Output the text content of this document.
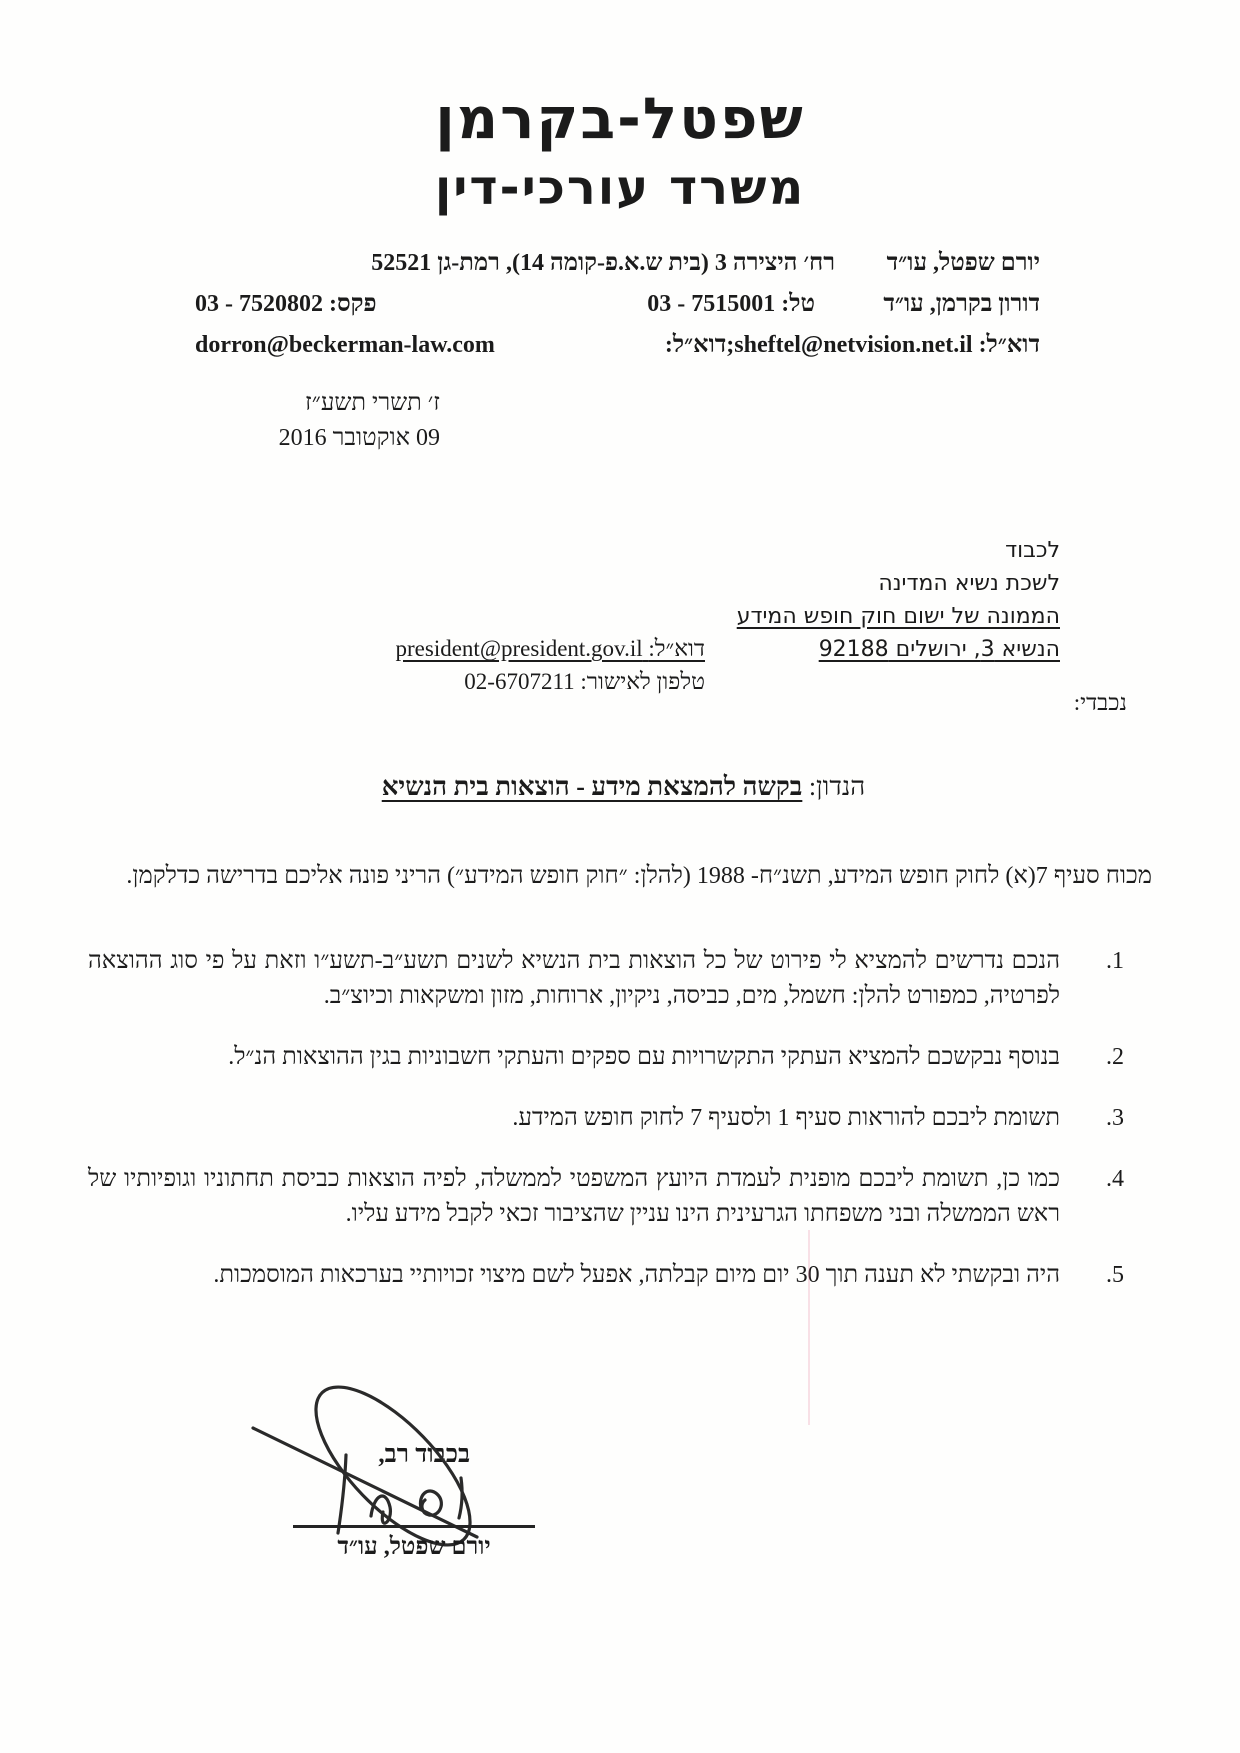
שפטל-בקרמן
משרד עורכי-דין
יורם שפטל, עו״ד
רח׳ היצירה 3 (בית ש.א.פ-קומה 14), רמת-גן 52521
דורון בקרמן, עו״ד
טל: 03 - 7515001
פקס: 03 - 7520802
דוא״ל: sheftel@netvision.net.il;דוא״ל:
dorron@beckerman-law.com
ז׳ תשרי תשע״ז
09 אוקטובר 2016
לכבוד
לשכת נשיא המדינה
הממונה של ישום חוק חופש המידע
הנשיא 3, ירושלים 92188
דוא״ל: president@president.gov.il
טלפון לאישור: 02-6707211
נכבדי:
הנדון: בקשה להמצאת מידע - הוצאות בית הנשיא

מכוח סעיף 7(א) לחוק חופש המידע, תשנ״ח- 1988 (להלן: ״חוק חופש המידע״) הריני פונה אליכם בדרישה כדלקמן.

1.
הנכם נדרשים להמציא לי פירוט של כל הוצאות בית הנשיא לשנים תשע״ב-תשע״ו וזאת על פי סוג ההוצאה לפרטיה, כמפורט להלן: חשמל, מים, כביסה, ניקיון, ארוחות, מזון ומשקאות וכיוצ״ב.
2.
בנוסף נבקשכם להמציא העתקי התקשרויות עם ספקים והעתקי חשבוניות בגין ההוצאות הנ״ל.
3.
תשומת ליבכם להוראות סעיף 1 ולסעיף 7 לחוק חופש המידע.
4.
כמו כן, תשומת ליבכם מופנית לעמדת היועץ המשפטי לממשלה, לפיה הוצאות כביסת תחתוניו וגופיותיו של ראש הממשלה ובני משפחתו הגרעינית הינו עניין שהציבור זכאי לקבל מידע עליו.
5.
היה ובקשתי לא תענה תוך 30 יום מיום קבלתה, אפעל לשם מיצוי זכויותיי בערכאות המוסמכות.
בכבוד רב,
יורם שפטל, עו״ד
